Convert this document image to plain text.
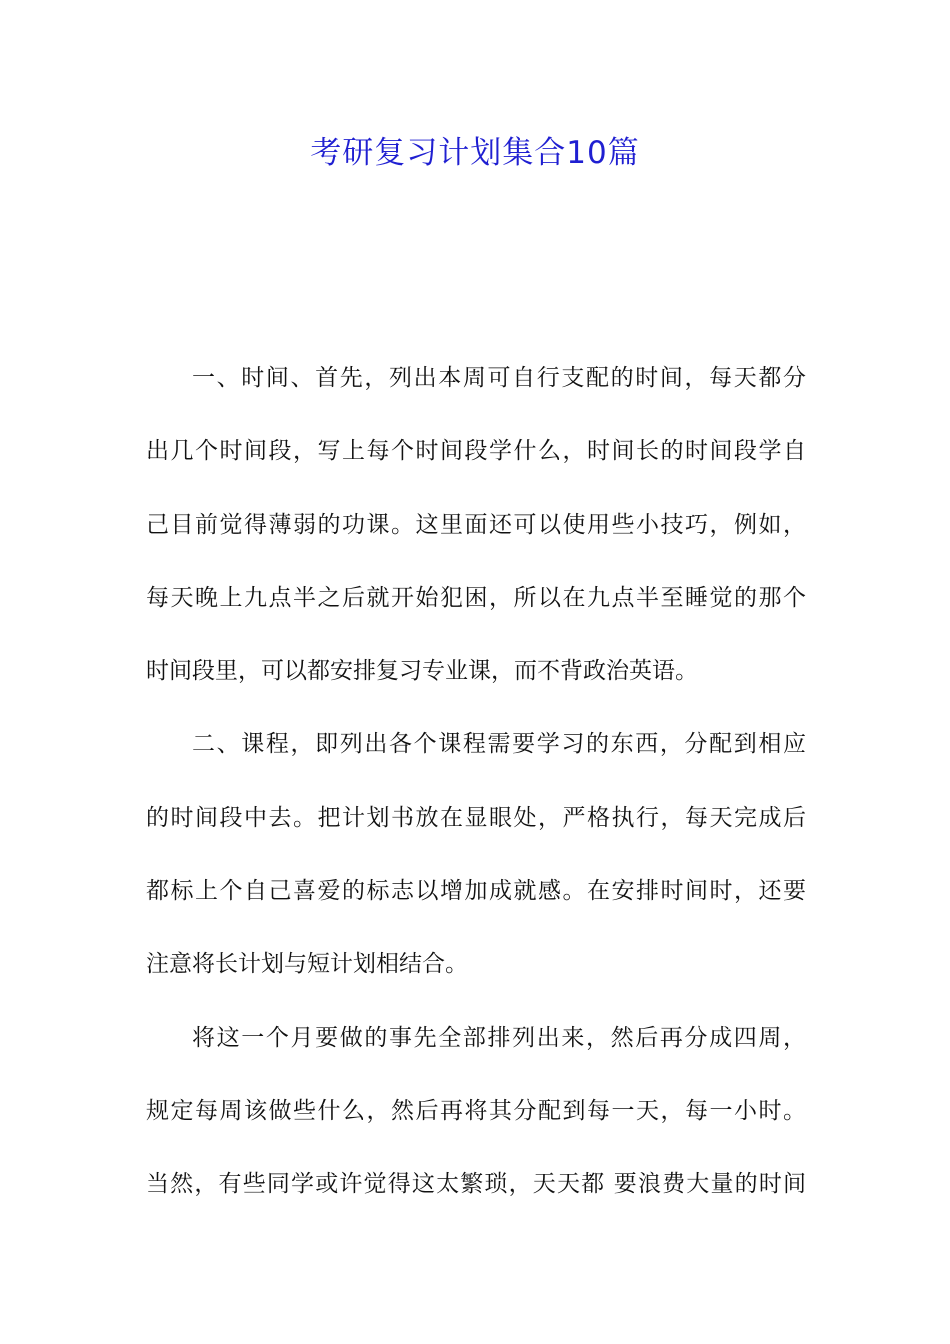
考研复习计划集合10篇
一、时间、首先，列出本周可自行支配的时间，每天都分
出几个时间段，写上每个时间段学什么，时间长的时间段学自
己目前觉得薄弱的功课。这里面还可以使用些小技巧，例如，
每天晚上九点半之后就开始犯困，所以在九点半至睡觉的那个
时间段里，可以都安排复习专业课，而不背政治英语。
二、课程，即列出各个课程需要学习的东西，分配到相应
的时间段中去。把计划书放在显眼处，严格执行，每天完成后
都标上个自己喜爱的标志以增加成就感。在安排时间时，还要
注意将长计划与短计划相结合。
将这一个月要做的事先全部排列出来，然后再分成四周，
规定每周该做些什么，然后再将其分配到每一天，每一小时。
当然，有些同学或许觉得这太繁琐，天天都 要浪费大量的时间
